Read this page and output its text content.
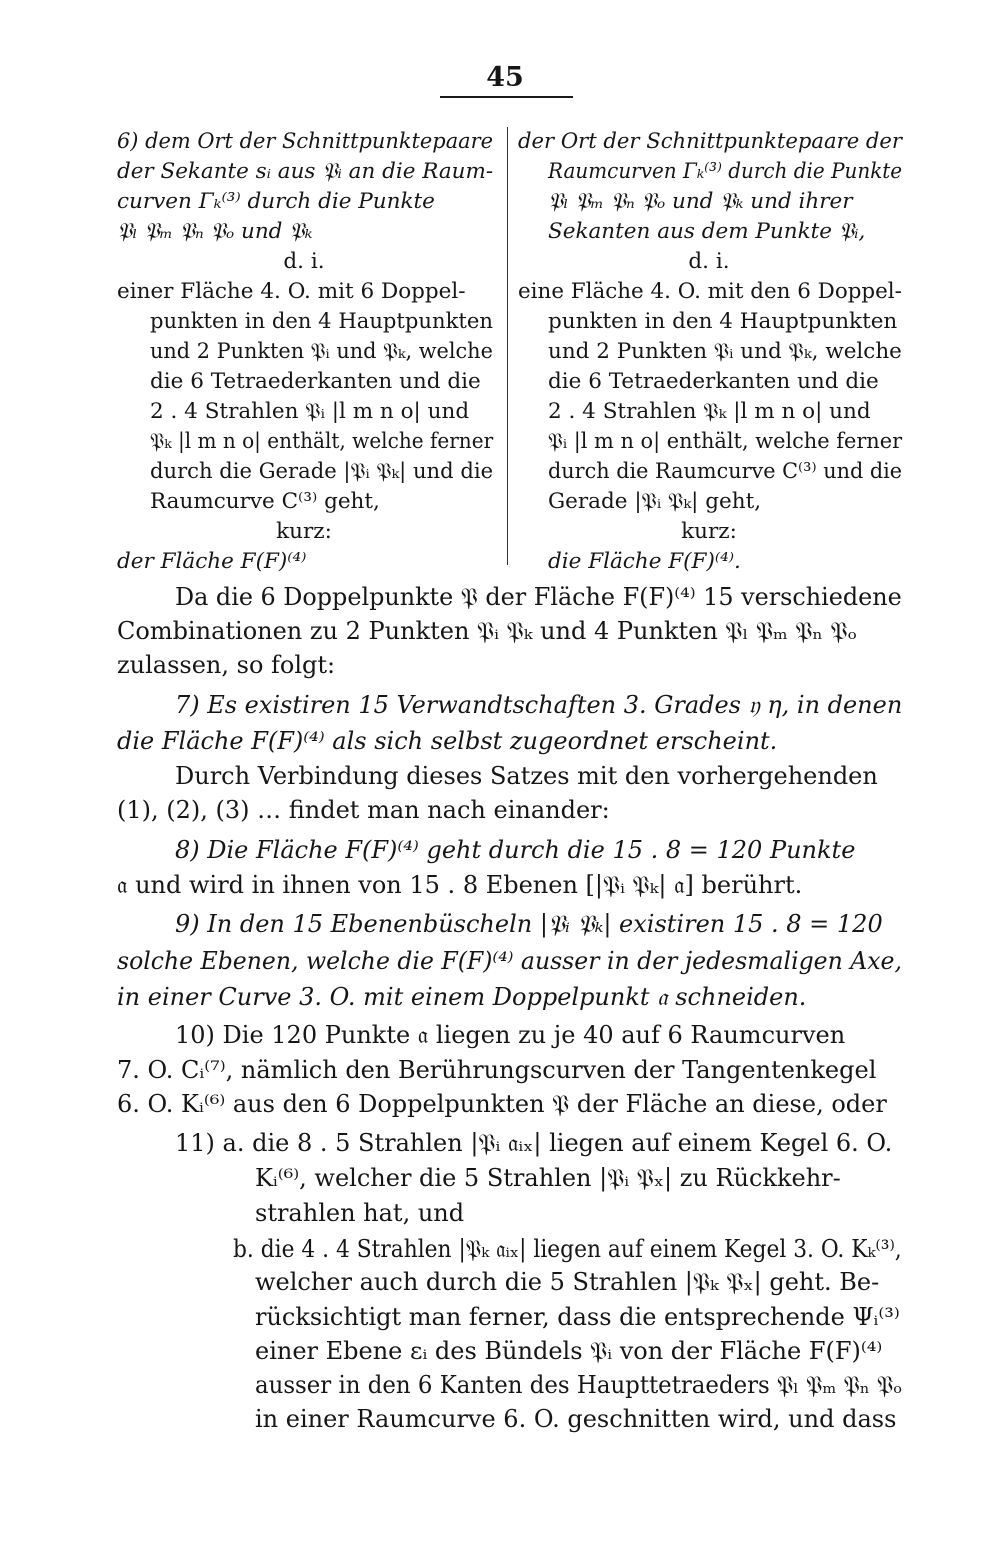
45
6) dem Ort der Schnittpunktepaare
der Sekante sᵢ aus 𝔓ᵢ an die Raum-
curven Γₖ⁽³⁾ durch die Punkte
𝔓ₗ 𝔓ₘ 𝔓ₙ 𝔓ₒ und 𝔓ₖ
d. i.
einer Fläche 4. O. mit 6 Doppel-
punkten in den 4 Hauptpunkten
und 2 Punkten 𝔓ᵢ und 𝔓ₖ, welche
die 6 Tetraederkanten und die
2 . 4 Strahlen 𝔓ᵢ |l m n o| und
𝔓ₖ |l m n o| enthält, welche ferner
durch die Gerade |𝔓ᵢ 𝔓ₖ| und die
Raumcurve C⁽³⁾ geht,
kurz:
der Fläche F(F)⁽⁴⁾
der Ort der Schnittpunktepaare der
Raumcurven Γₖ⁽³⁾ durch die Punkte
𝔓ₗ 𝔓ₘ 𝔓ₙ 𝔓ₒ und 𝔓ₖ und ihrer
Sekanten aus dem Punkte 𝔓ᵢ,
d. i.
eine Fläche 4. O. mit den 6 Doppel-
punkten in den 4 Hauptpunkten
und 2 Punkten 𝔓ᵢ und 𝔓ₖ, welche
die 6 Tetraederkanten und die
2 . 4 Strahlen 𝔓ₖ |l m n o| und
𝔓ᵢ |l m n o| enthält, welche ferner
durch die Raumcurve C⁽³⁾ und die
Gerade |𝔓ᵢ 𝔓ₖ| geht,
kurz:
die Fläche F(F)⁽⁴⁾.
Da die 6 Doppelpunkte 𝔓 der Fläche F(F)⁽⁴⁾ 15 verschiedene
Combinationen zu 2 Punkten 𝔓ᵢ 𝔓ₖ und 4 Punkten 𝔓ₗ 𝔓ₘ 𝔓ₙ 𝔓ₒ
zulassen, so folgt:
7) Es existiren 15 Verwandtschaften 3. Grades 𝔶 η, in denen
die Fläche F(F)⁽⁴⁾ als sich selbst zugeordnet erscheint.
Durch Verbindung dieses Satzes mit den vorhergehenden
(1), (2), (3) … findet man nach einander:
8) Die Fläche F(F)⁽⁴⁾ geht durch die 15 . 8 = 120 Punkte
𝔞 und wird in ihnen von 15 . 8 Ebenen [|𝔓ᵢ 𝔓ₖ| 𝔞] berührt.
9) In den 15 Ebenenbüscheln |𝔓ᵢ 𝔓ₖ| existiren 15 . 8 = 120
solche Ebenen, welche die F(F)⁽⁴⁾ ausser in der jedesmaligen Axe,
in einer Curve 3. O. mit einem Doppelpunkt 𝔞 schneiden.
10) Die 120 Punkte 𝔞 liegen zu je 40 auf 6 Raumcurven
7. O. Cᵢ⁽⁷⁾, nämlich den Berührungscurven der Tangentenkegel
6. O. Kᵢ⁽⁶⁾ aus den 6 Doppelpunkten 𝔓 der Fläche an diese, oder
11) a. die 8 . 5 Strahlen |𝔓ᵢ 𝔞ᵢₓ| liegen auf einem Kegel 6. O.
Kᵢ⁽⁶⁾, welcher die 5 Strahlen |𝔓ᵢ 𝔓ₓ| zu Rückkehr-
strahlen hat, und
b. die 4 . 4 Strahlen |𝔓ₖ 𝔞ᵢₓ| liegen auf einem Kegel 3. O. Kₖ⁽³⁾,
welcher auch durch die 5 Strahlen |𝔓ₖ 𝔓ₓ| geht. Be-
rücksichtigt man ferner, dass die entsprechende Ψᵢ⁽³⁾
einer Ebene εᵢ des Bündels 𝔓ᵢ von der Fläche F(F)⁽⁴⁾
ausser in den 6 Kanten des Haupttetraeders 𝔓ₗ 𝔓ₘ 𝔓ₙ 𝔓ₒ
in einer Raumcurve 6. O. geschnitten wird, und dass
